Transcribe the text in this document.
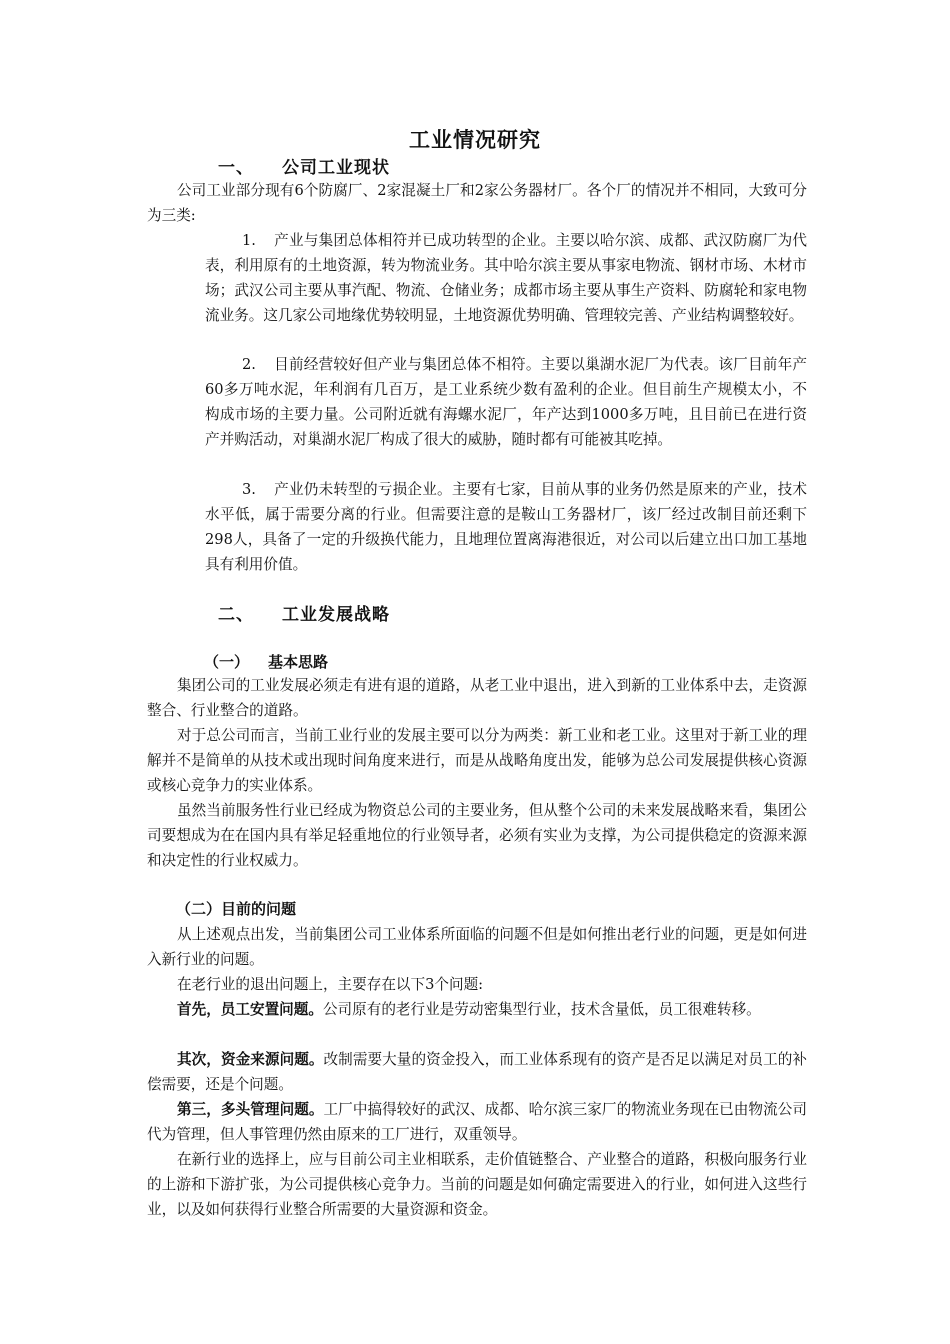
工业情况研究
一、 公司工业现状
公司工业部分现有6个防腐厂、2家混凝土厂和2家公务器材厂。各个厂的情况并不相同，大致可分为三类:
1. 产业与集团总体相符并已成功转型的企业。主要以哈尔滨、成都、武汉防腐厂为代表，利用原有的土地资源，转为物流业务。其中哈尔滨主要从事家电物流、钢材市场、木材市场；武汉公司主要从事汽配、物流、仓储业务；成都市场主要从事生产资料、防腐轮和家电物流业务。这几家公司地缘优势较明显，土地资源优势明确、管理较完善、产业结构调整较好。
2. 目前经营较好但产业与集团总体不相符。主要以巢湖水泥厂为代表。该厂目前年产60多万吨水泥，年利润有几百万，是工业系统少数有盈利的企业。但目前生产规模太小，不构成市场的主要力量。公司附近就有海螺水泥厂，年产达到1000多万吨，且目前已在进行资产并购活动，对巢湖水泥厂构成了很大的威胁，随时都有可能被其吃掉。
3. 产业仍未转型的亏损企业。主要有七家，目前从事的业务仍然是原来的产业，技术水平低，属于需要分离的行业。但需要注意的是鞍山工务器材厂，该厂经过改制目前还剩下298人，具备了一定的升级换代能力，且地理位置离海港很近，对公司以后建立出口加工基地具有利用价值。
二、 工业发展战略
（一） 基本思路
集团公司的工业发展必须走有进有退的道路，从老工业中退出，进入到新的工业体系中去，走资源整合、行业整合的道路。
对于总公司而言，当前工业行业的发展主要可以分为两类：新工业和老工业。这里对于新工业的理解并不是简单的从技术或出现时间角度来进行，而是从战略角度出发，能够为总公司发展提供核心资源或核心竞争力的实业体系。
虽然当前服务性行业已经成为物资总公司的主要业务，但从整个公司的未来发展战略来看，集团公司要想成为在在国内具有举足轻重地位的行业领导者，必须有实业为支撑，为公司提供稳定的资源来源和决定性的行业权威力。
（二）目前的问题
从上述观点出发，当前集团公司工业体系所面临的问题不但是如何推出老行业的问题，更是如何进入新行业的问题。
在老行业的退出问题上，主要存在以下3个问题:
首先，员工安置问题。公司原有的老行业是劳动密集型行业，技术含量低，员工很难转移。
其次，资金来源问题。改制需要大量的资金投入，而工业体系现有的资产是否足以满足对员工的补偿需要，还是个问题。
第三，多头管理问题。工厂中搞得较好的武汉、成都、哈尔滨三家厂的物流业务现在已由物流公司代为管理，但人事管理仍然由原来的工厂进行，双重领导。
在新行业的选择上，应与目前公司主业相联系，走价值链整合、产业整合的道路，积极向服务行业的上游和下游扩张，为公司提供核心竞争力。当前的问题是如何确定需要进入的行业，如何进入这些行业，以及如何获得行业整合所需要的大量资源和资金。
